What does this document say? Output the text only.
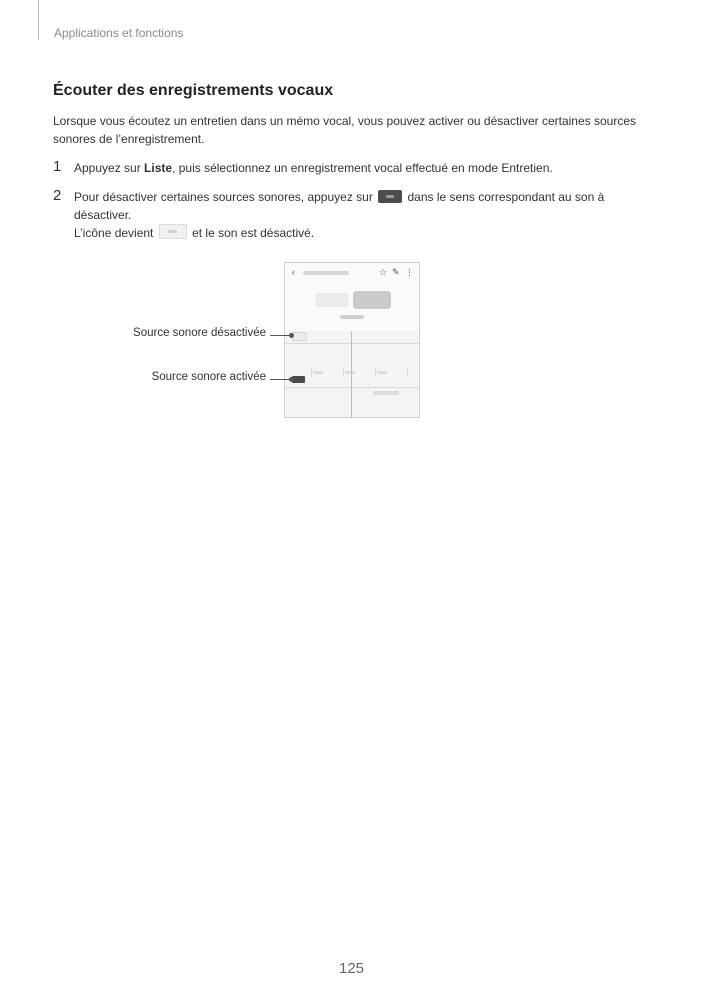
Applications et fonctions
Écouter des enregistrements vocaux

Lorsque vous écoutez un entretien dans un mémo vocal, vous pouvez activer ou désactiver certaines sources sonores de l’enregistrement.

1 Appuyez sur Liste, puis sélectionnez un enregistrement vocal effectué en mode Entretien.
2 Pour désactiver certaines sources sonores, appuyez sur  dans le sens correspondant au son à désactiver.
L’icône devient	et le son est désactivé.
‹	☆ ✎ ⋮
Source sonore désactivée
Source sonore activée
125
